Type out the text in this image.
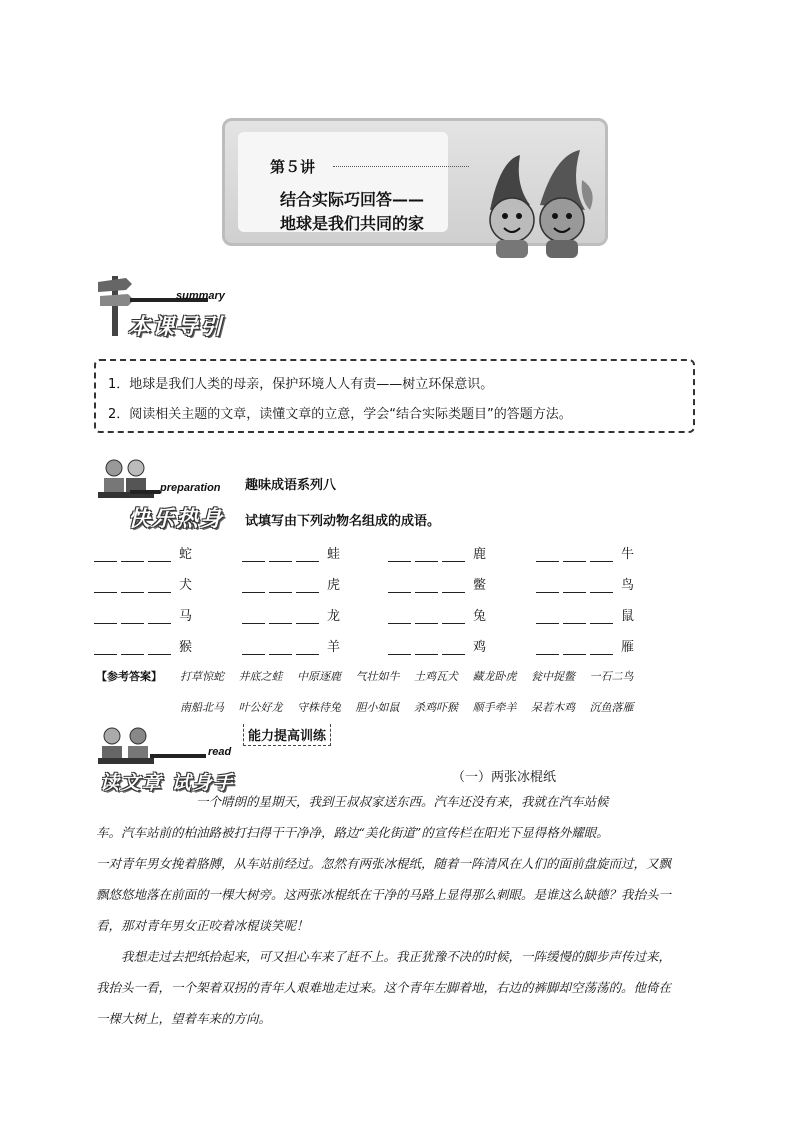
第５讲
结合实际巧回答——
地球是我们共同的家
summary
本课导引
1．地球是我们人类的母亲，保护环境人人有责——树立环保意识。
2．阅读相关主题的文章，读懂文章的立意，学会“结合实际类题目”的答题方法。
preparation
快乐热身
趣味成语系列八
试填写由下列动物名组成的成语。
蛇	蛙	鹿	牛
犬	虎	鳖	鸟
马	龙	兔	鼠
猴	羊	鸡	雁
【参考答案】 打草惊蛇　 井底之蛙　 中原逐鹿　 气壮如牛　 土鸡瓦犬　 藏龙卧虎　 瓮中捉鳖　 一石二鸟
南船北马　 叶公好龙　 守株待兔　 胆小如鼠　 杀鸡吓猴　 顺手牵羊　 呆若木鸡　 沉鱼落雁
read
读文章 试身手
能力提高训练
（一）两张冰棍纸
　　　　　　　　一个晴朗的星期天，我到王叔叔家送东西。汽车还没有来，我就在汽车站候
车。汽车站前的柏油路被打扫得干干净净，路边“美化街道”的宣传栏在阳光下显得格外耀眼。
一对青年男女挽着胳膊，从车站前经过。忽然有两张冰棍纸，随着一阵清风在人们的面前盘旋而过，又飘
飘悠悠地落在前面的一棵大树旁。这两张冰棍纸在干净的马路上显得那么刺眼。是谁这么缺德？我抬头一
看，那对青年男女正咬着冰棍谈笑呢！
　　我想走过去把纸拾起来，可又担心车来了赶不上。我正犹豫不决的时候，一阵缓慢的脚步声传过来，
我抬头一看，一个架着双拐的青年人艰难地走过来。这个青年左脚着地，右边的裤脚却空荡荡的。他倚在
一棵大树上，望着车来的方向。
